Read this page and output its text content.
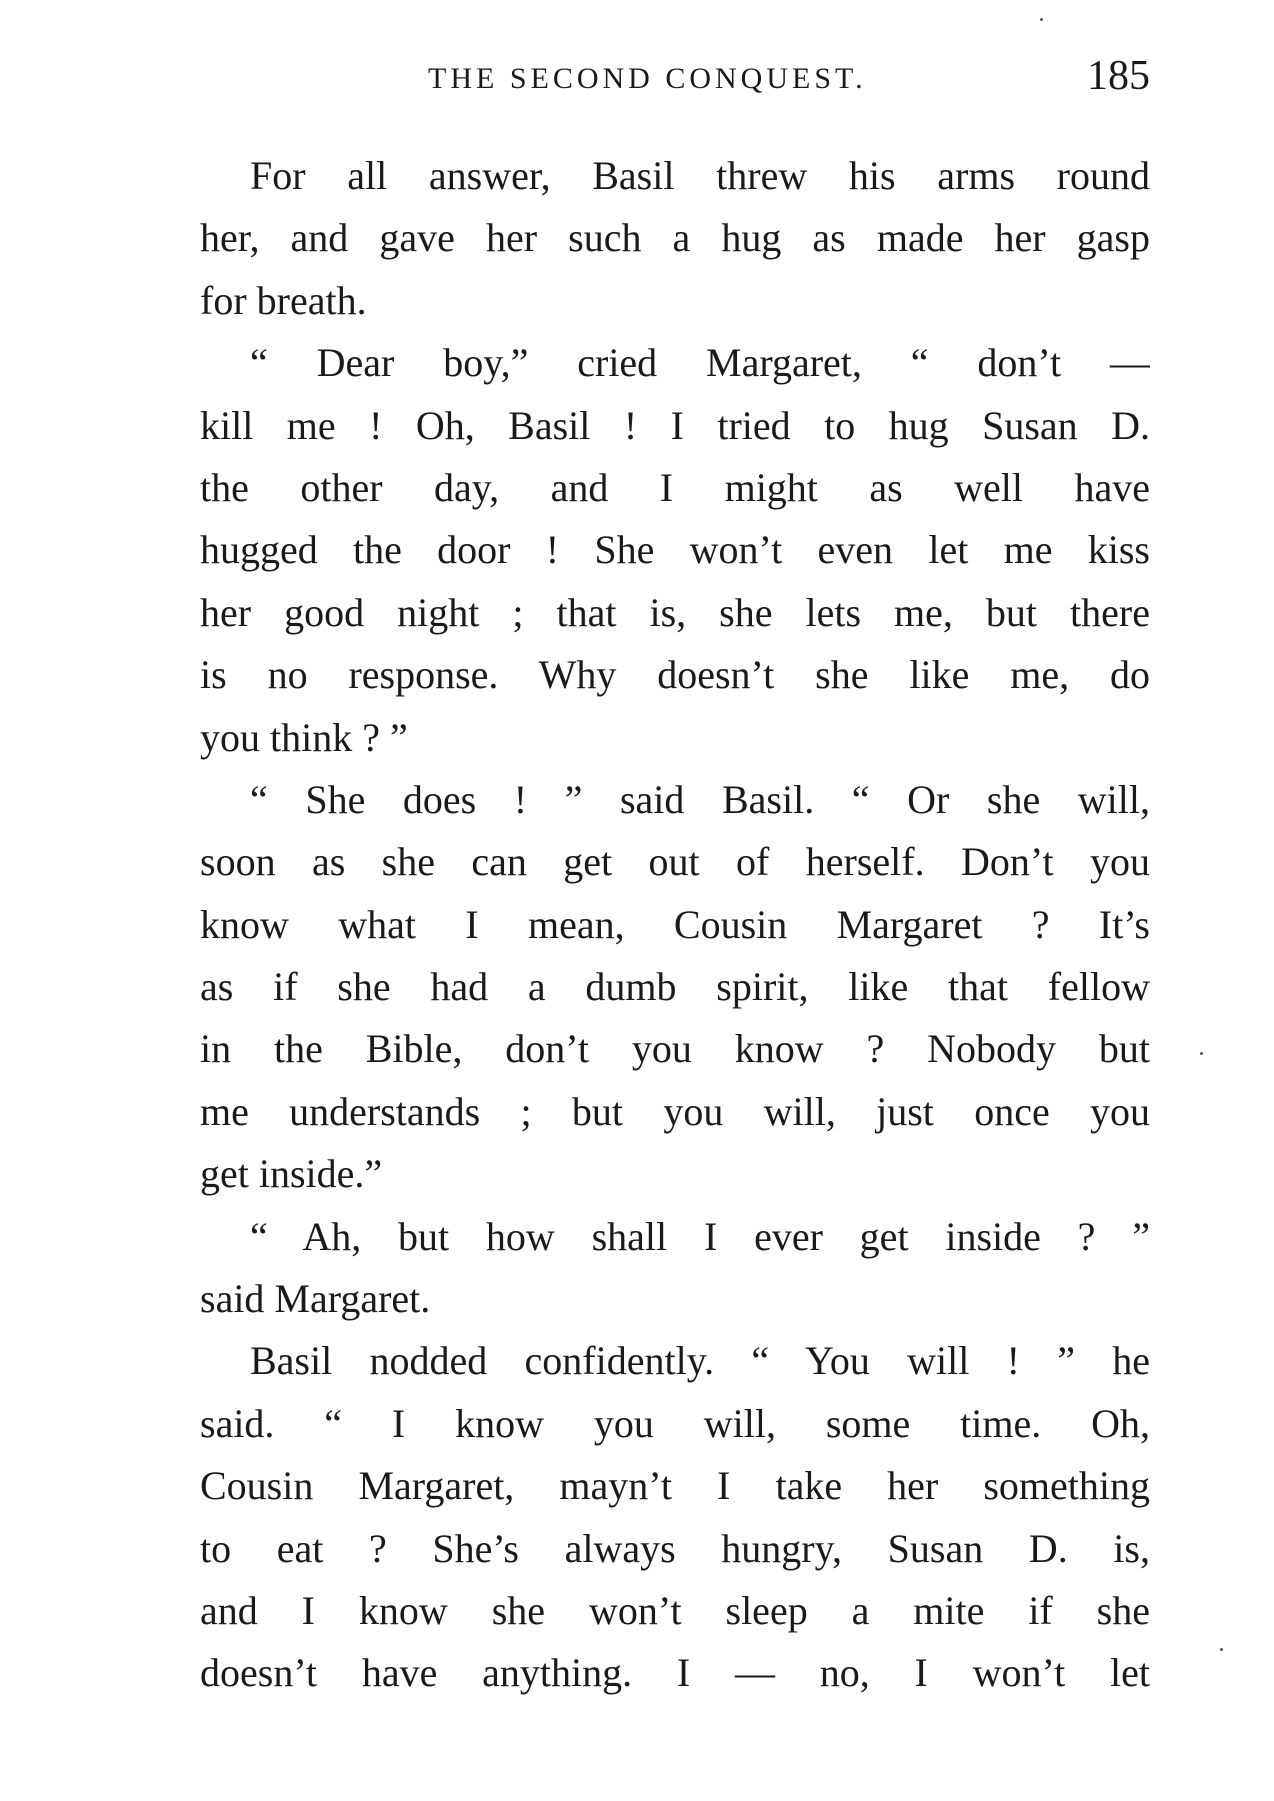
THE SECOND CONQUEST.	185
For all answer, Basil threw his arms round
her, and gave her such a hug as made her gasp
for breath.
“ Dear boy,” cried Margaret, “ don’t —
kill me ! Oh, Basil ! I tried to hug Susan D.
the other day, and I might as well have
hugged the door ! She won’t even let me kiss
her good night ; that is, she lets me, but there
is no response. Why doesn’t she like me, do
you think ? ”
“ She does ! ” said Basil. “ Or she will,
soon as she can get out of herself. Don’t you
know what I mean, Cousin Margaret ? It’s
as if she had a dumb spirit, like that fellow
in the Bible, don’t you know ? Nobody but
me understands ; but you will, just once you
get inside.”
“ Ah, but how shall I ever get inside ? ”
said Margaret.
Basil nodded confidently. “ You will ! ” he
said. “ I know you will, some time. Oh,
Cousin Margaret, mayn’t I take her something
to eat ? She’s always hungry, Susan D. is,
and I know she won’t sleep a mite if she
doesn’t have anything. I — no, I won’t let
